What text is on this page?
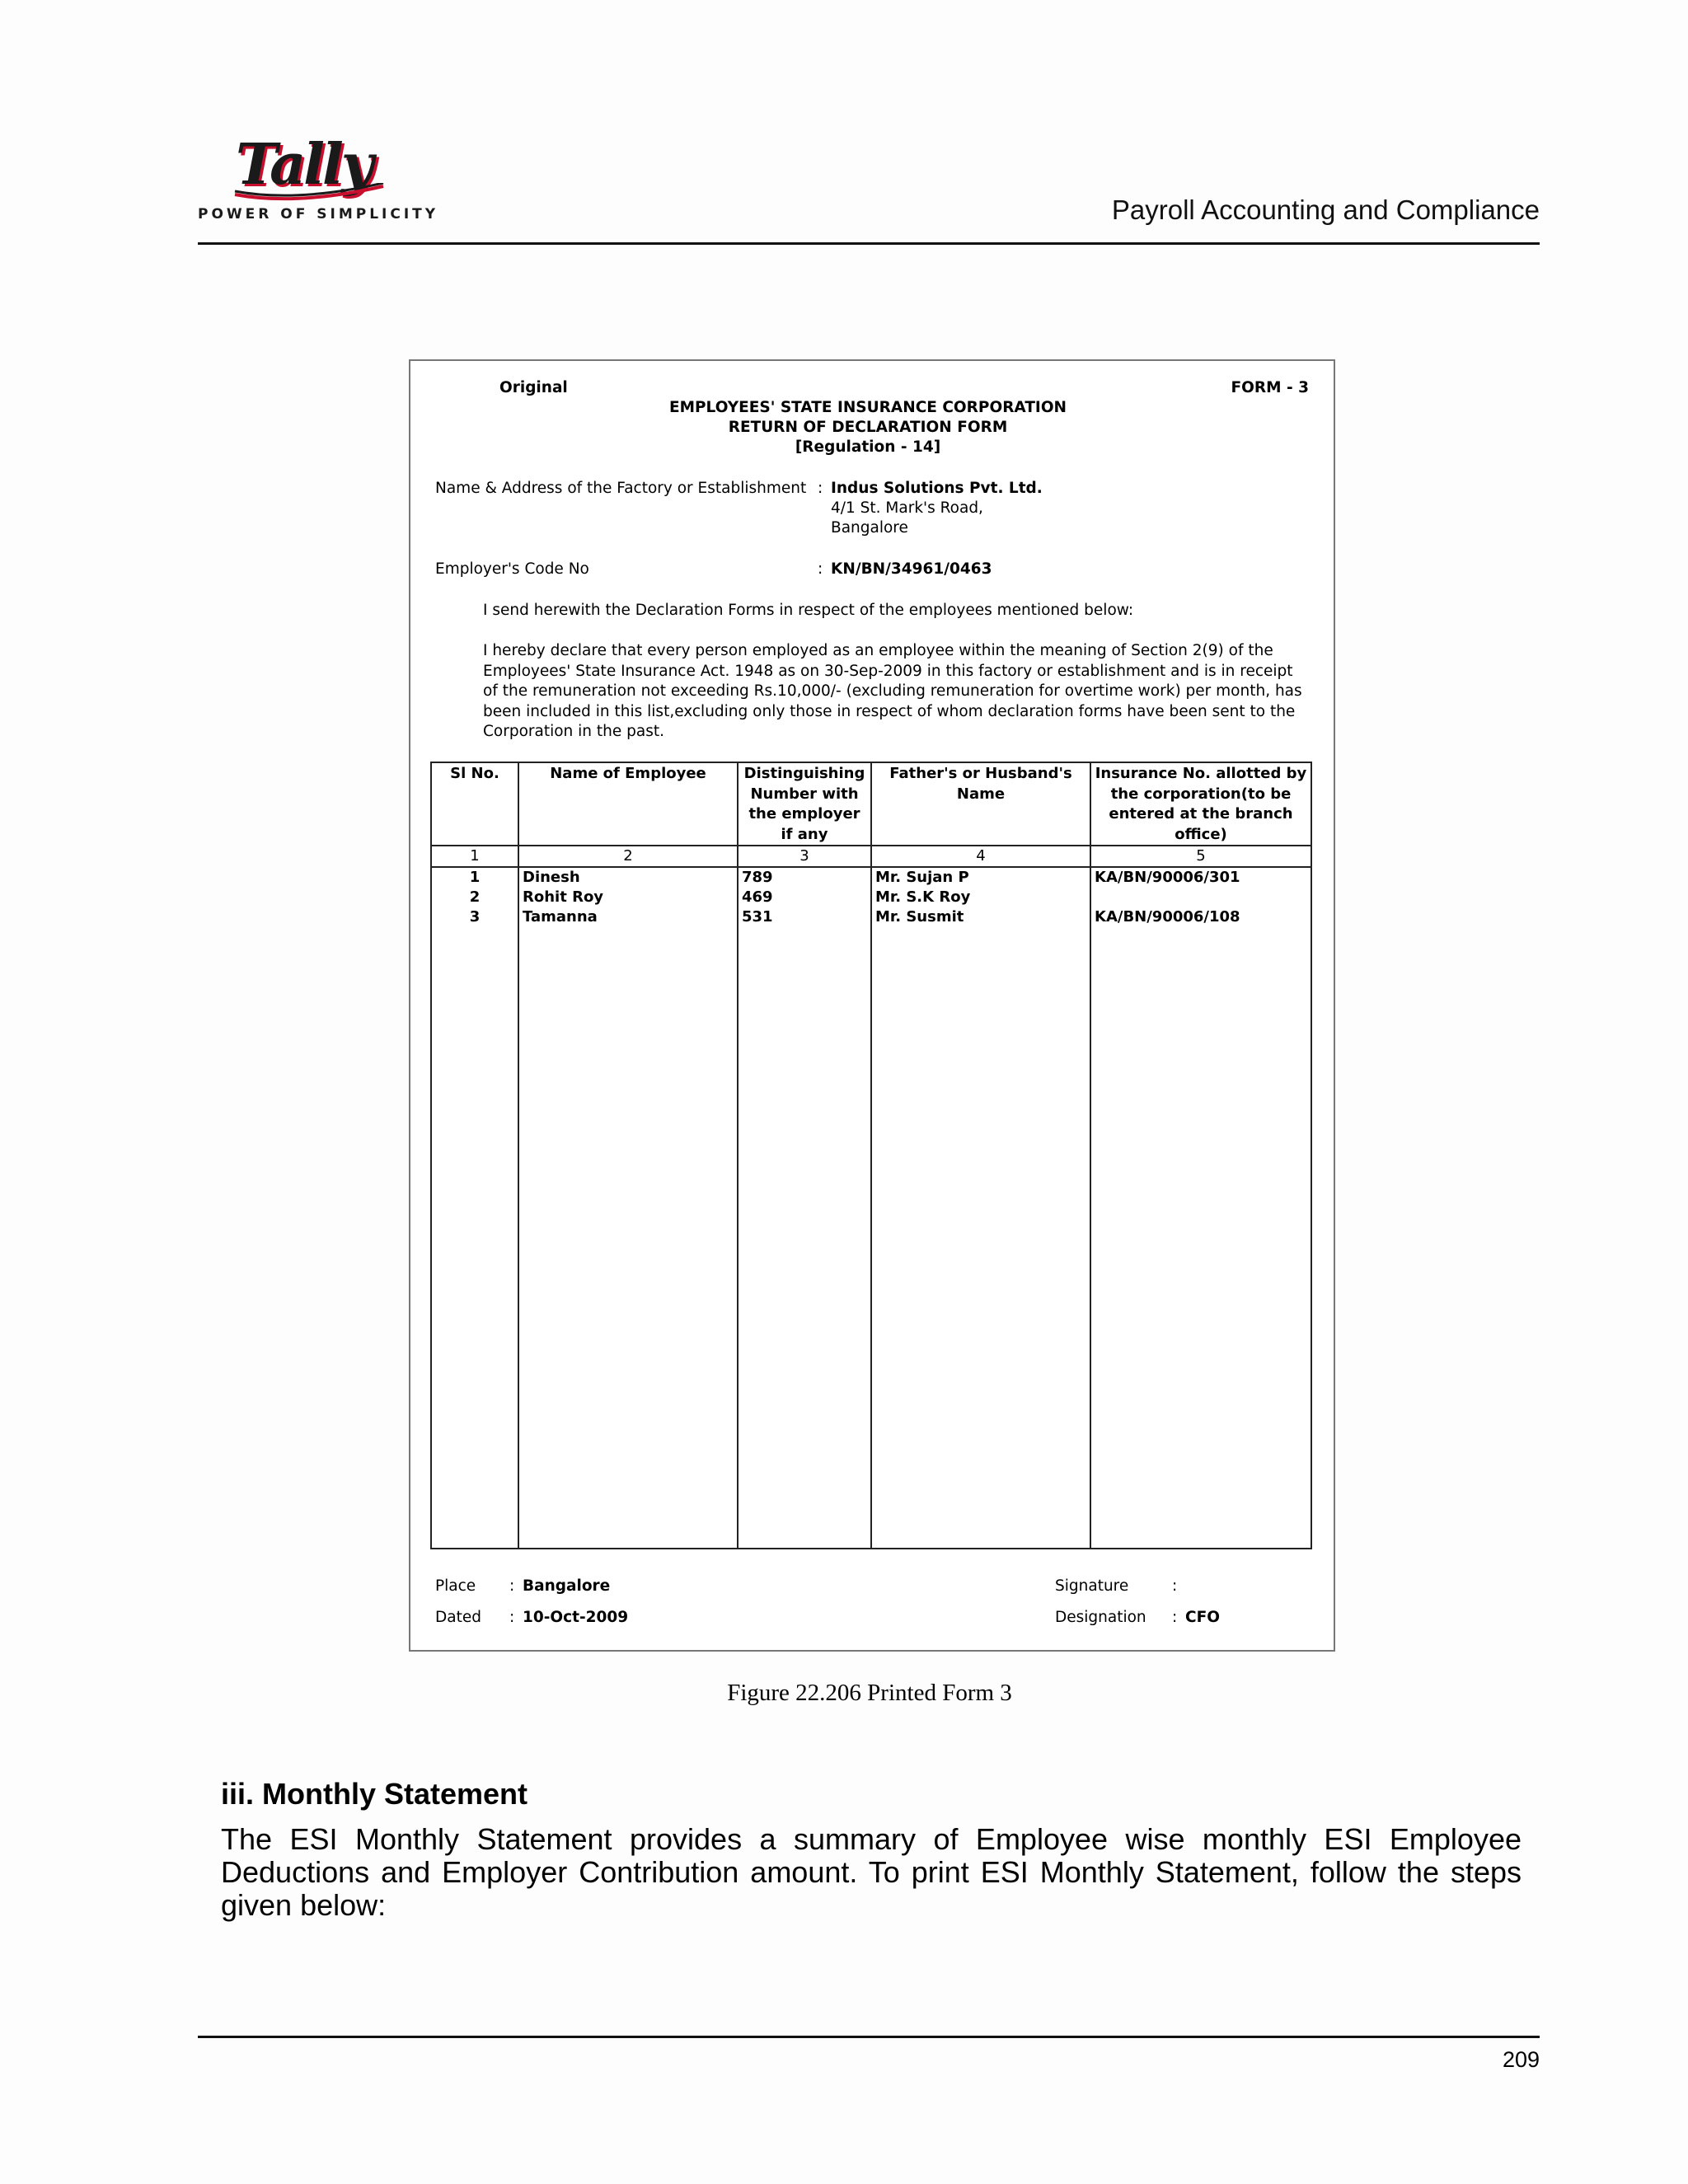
Tally
POWER OF SIMPLICITY	Payroll Accounting and Compliance
Original	FORM - 3
EMPLOYEES' STATE INSURANCE CORPORATION
RETURN OF DECLARATION FORM
[Regulation - 14]
Name & Address of the Factory or Establishment : Indus Solutions Pvt. Ltd.
4/1 St. Mark's Road,
Bangalore
Employer's Code No	: KN/BN/34961/0463
I send herewith the Declaration Forms in respect of the employees mentioned below:
I hereby declare that every person employed as an employee within the meaning of Section 2(9) of the Employees' State Insurance Act. 1948 as on 30-Sep-2009 in this factory or establishment and is in receipt of the remuneration not exceeding Rs.10,000/- (excluding remuneration for overtime work) per month, has been included in this list,excluding only those in respect of whom declaration forms have been sent to the Corporation in the past.
Sl No.	Name of Employee	Distinguishing Number with the employer if any	Father's or Husband's Name	Insurance No. allotted by the corporation(to be entered at the branch office)
1	2	3	4	5
1	Dinesh	789	Mr. Sujan P	KA/BN/90006/301
2	Rohit Roy	469	Mr. S.K Roy	
3	Tamanna	531	Mr. Susmit	KA/BN/90006/108

Place : Bangalore
Dated : 10-Oct-2009
Signature	:
Designation : CFO
Figure 22.206 Printed Form 3
iii. Monthly Statement
The ESI Monthly Statement provides a summary of Employee wise monthly ESI Employee Deductions and Employer Contribution amount. To print ESI Monthly Statement, follow the steps given below:
209
